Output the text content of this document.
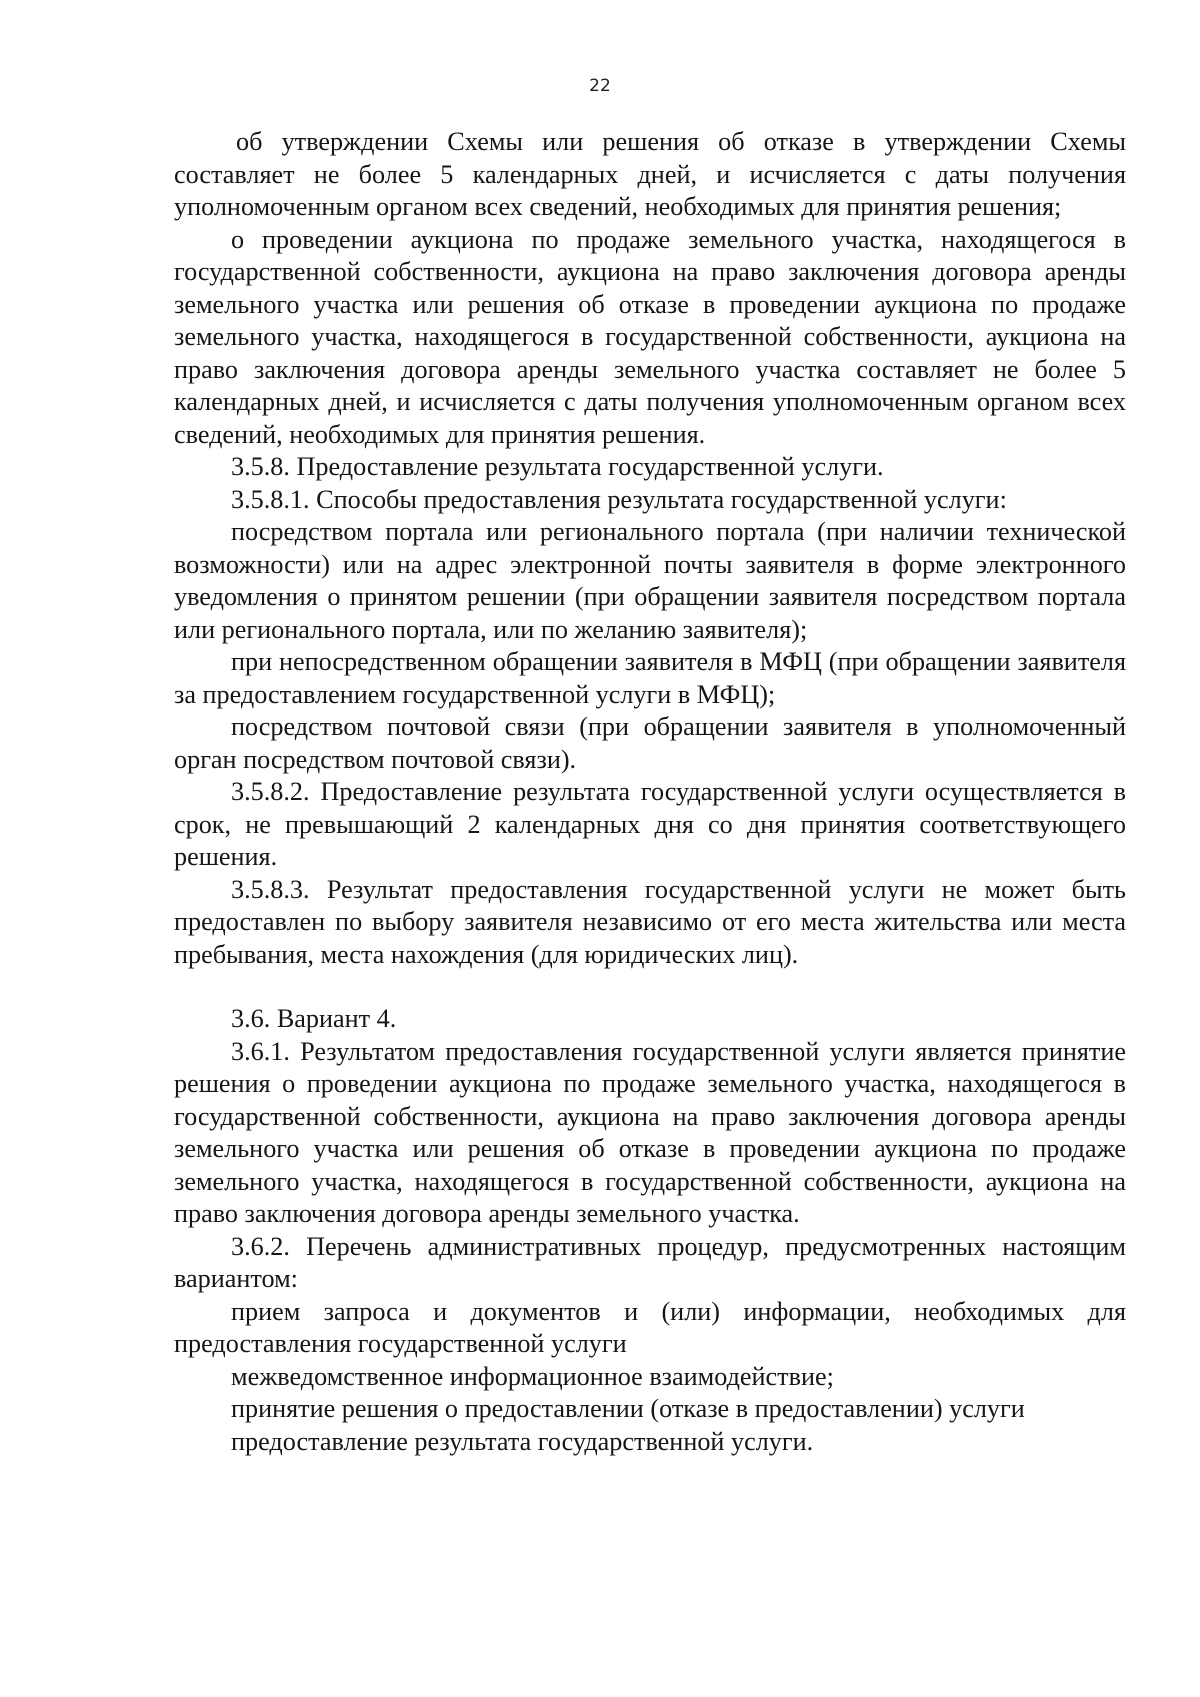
22

об утверждении Схемы или решения об отказе в утверждении Схемы составляет не более 5 календарных дней, и исчисляется с даты получения уполномоченным органом всех сведений, необходимых для принятия решения;

о проведении аукциона по продаже земельного участка, находящегося в государственной собственности, аукциона на право заключения договора аренды земельного участка или решения об отказе в проведении аукциона по продаже земельного участка, находящегося в государственной собственности, аукциона на право заключения договора аренды земельного участка составляет не более 5 календарных дней, и исчисляется с даты получения уполномоченным органом всех сведений, необходимых для принятия решения.

3.5.8. Предоставление результата государственной услуги.

3.5.8.1. Способы предоставления результата государственной услуги:

посредством портала или регионального портала (при наличии технической возможности) или на адрес электронной почты заявителя в форме электронного уведомления о принятом решении (при обращении заявителя посредством портала или регионального портала, или по желанию заявителя);

при непосредственном обращении заявителя в МФЦ (при обращении заявителя за предоставлением государственной услуги в МФЦ);

посредством почтовой связи (при обращении заявителя в уполномоченный орган посредством почтовой связи).

3.5.8.2. Предоставление результата государственной услуги осуществляется в срок, не превышающий 2 календарных дня со дня принятия соответствующего решения.

3.5.8.3. Результат предоставления государственной услуги не может быть предоставлен по выбору заявителя независимо от его места жительства или места пребывания, места нахождения (для юридических лиц).

3.6. Вариант 4.

3.6.1. Результатом предоставления государственной услуги является принятие решения о проведении аукциона по продаже земельного участка, находящегося в государственной собственности, аукциона на право заключения договора аренды земельного участка или решения об отказе в проведении аукциона по продаже земельного участка, находящегося в государственной собственности, аукциона на право заключения договора аренды земельного участка.

3.6.2. Перечень административных процедур, предусмотренных настоящим вариантом:

прием запроса и документов и (или) информации, необходимых для предоставления государственной услуги

межведомственное информационное взаимодействие;

принятие решения о предоставлении (отказе в предоставлении) услуги

предоставление результата государственной услуги.
